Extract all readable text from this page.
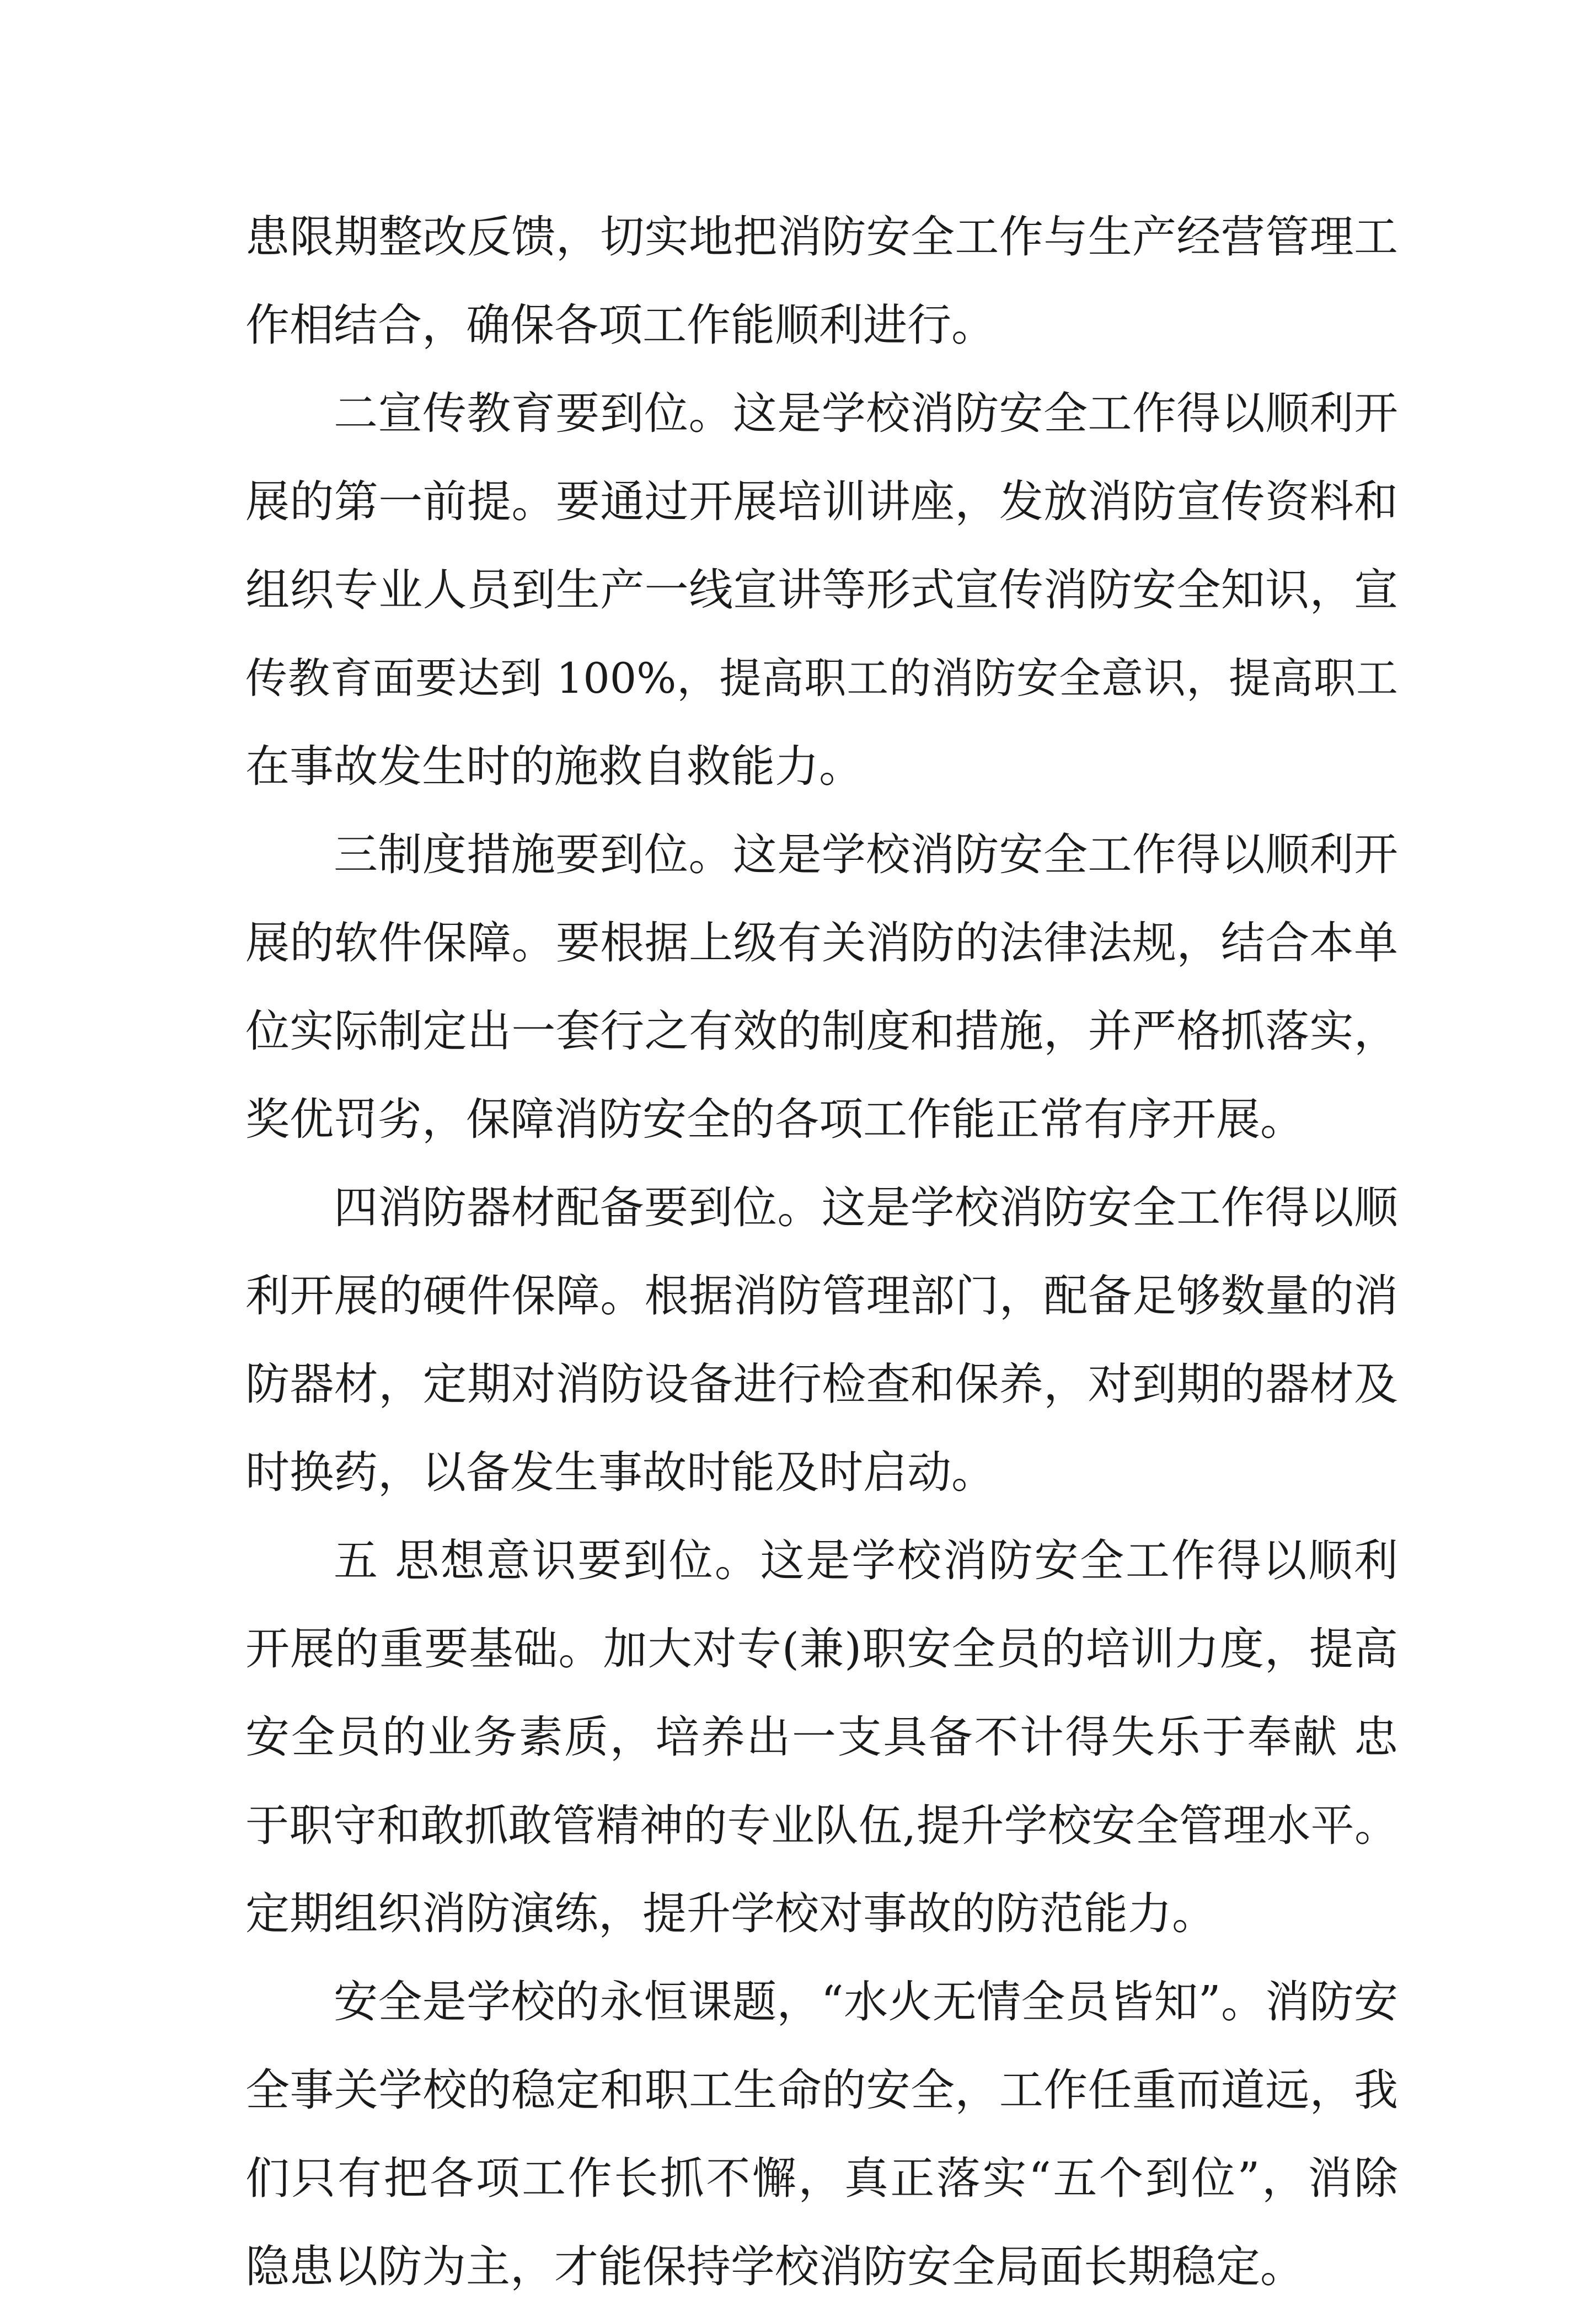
患限期整改反馈，切实地把消防安全工作与生产经营管理工
作相结合，确保各项工作能顺利进行。
二宣传教育要到位。这是学校消防安全工作得以顺利开
展的第一前提。要通过开展培训讲座，发放消防宣传资料和
组织专业人员到生产一线宣讲等形式宣传消防安全知识，宣
传教育面要达到 100%，提高职工的消防安全意识，提高职工
在事故发生时的施救自救能力。
三制度措施要到位。这是学校消防安全工作得以顺利开
展的软件保障。要根据上级有关消防的法律法规，结合本单
位实际制定出一套行之有效的制度和措施，并严格抓落实，
奖优罚劣，保障消防安全的各项工作能正常有序开展。
四消防器材配备要到位。这是学校消防安全工作得以顺
利开展的硬件保障。根据消防管理部门，配备足够数量的消
防器材，定期对消防设备进行检查和保养，对到期的器材及
时换药，以备发生事故时能及时启动。
五 思想意识要到位。这是学校消防安全工作得以顺利
开展的重要基础。加大对专(兼)职安全员的培训力度，提高
安全员的业务素质，培养出一支具备不计得失乐于奉献 忠
于职守和敢抓敢管精神的专业队伍,提升学校安全管理水平。
定期组织消防演练，提升学校对事故的防范能力。
安全是学校的永恒课题，“水火无情全员皆知”。消防安
全事关学校的稳定和职工生命的安全，工作任重而道远，我
们只有把各项工作长抓不懈，真正落实“五个到位”，消除
隐患以防为主，才能保持学校消防安全局面长期稳定。
